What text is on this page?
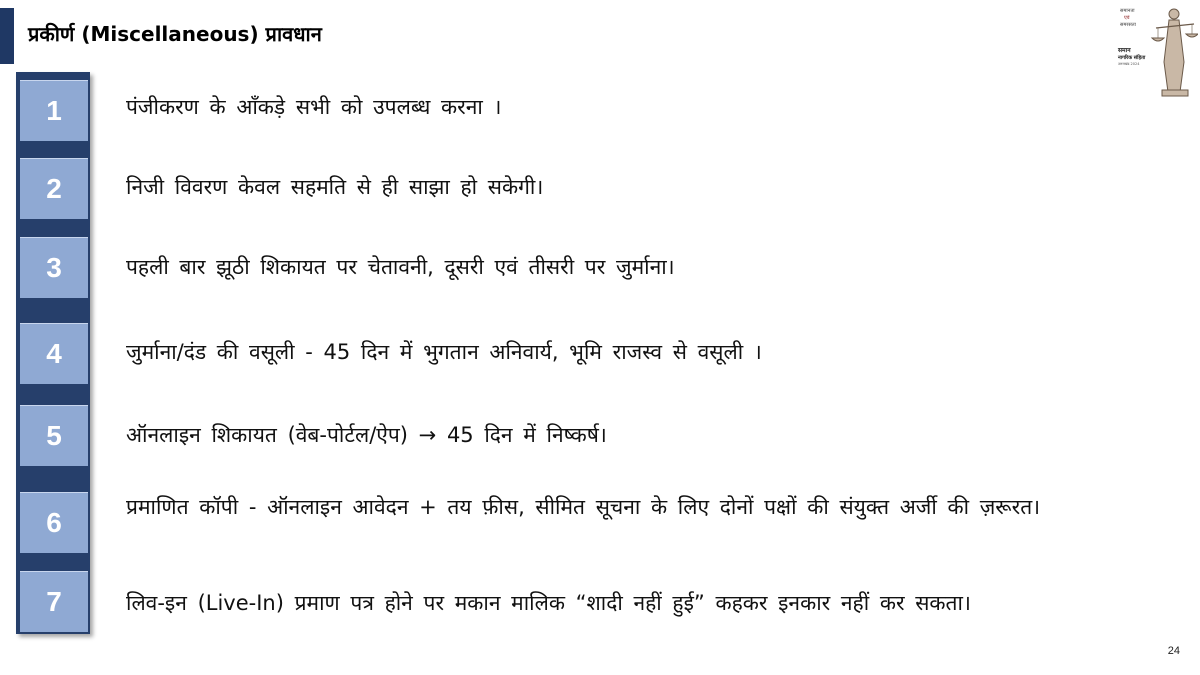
प्रकीर्ण (Miscellaneous) प्रावधान
समानता
एवं
समरसता
समान
नागरिक संहिता
उत्तराखंड 2024
1
2
3
4
5
6
7
पंजीकरण के आँकड़े सभी को उपलब्ध करना ।
निजी विवरण केवल सहमति से ही साझा हो सकेगी।
पहली बार झूठी शिकायत पर चेतावनी, दूसरी एवं तीसरी पर जुर्माना।
जुर्माना/दंड की वसूली - 45 दिन में भुगतान अनिवार्य, भूमि राजस्व से वसूली ।
ऑनलाइन शिकायत (वेब-पोर्टल/ऐप) → 45 दिन में निष्कर्ष।
प्रमाणित कॉपी - ऑनलाइन आवेदन + तय फ़ीस, सीमित सूचना के लिए दोनों पक्षों की संयुक्त अर्जी की ज़रूरत।
लिव-इन (Live-In) प्रमाण पत्र होने पर मकान मालिक “शादी नहीं हुई” कहकर इनकार नहीं कर सकता।
24
